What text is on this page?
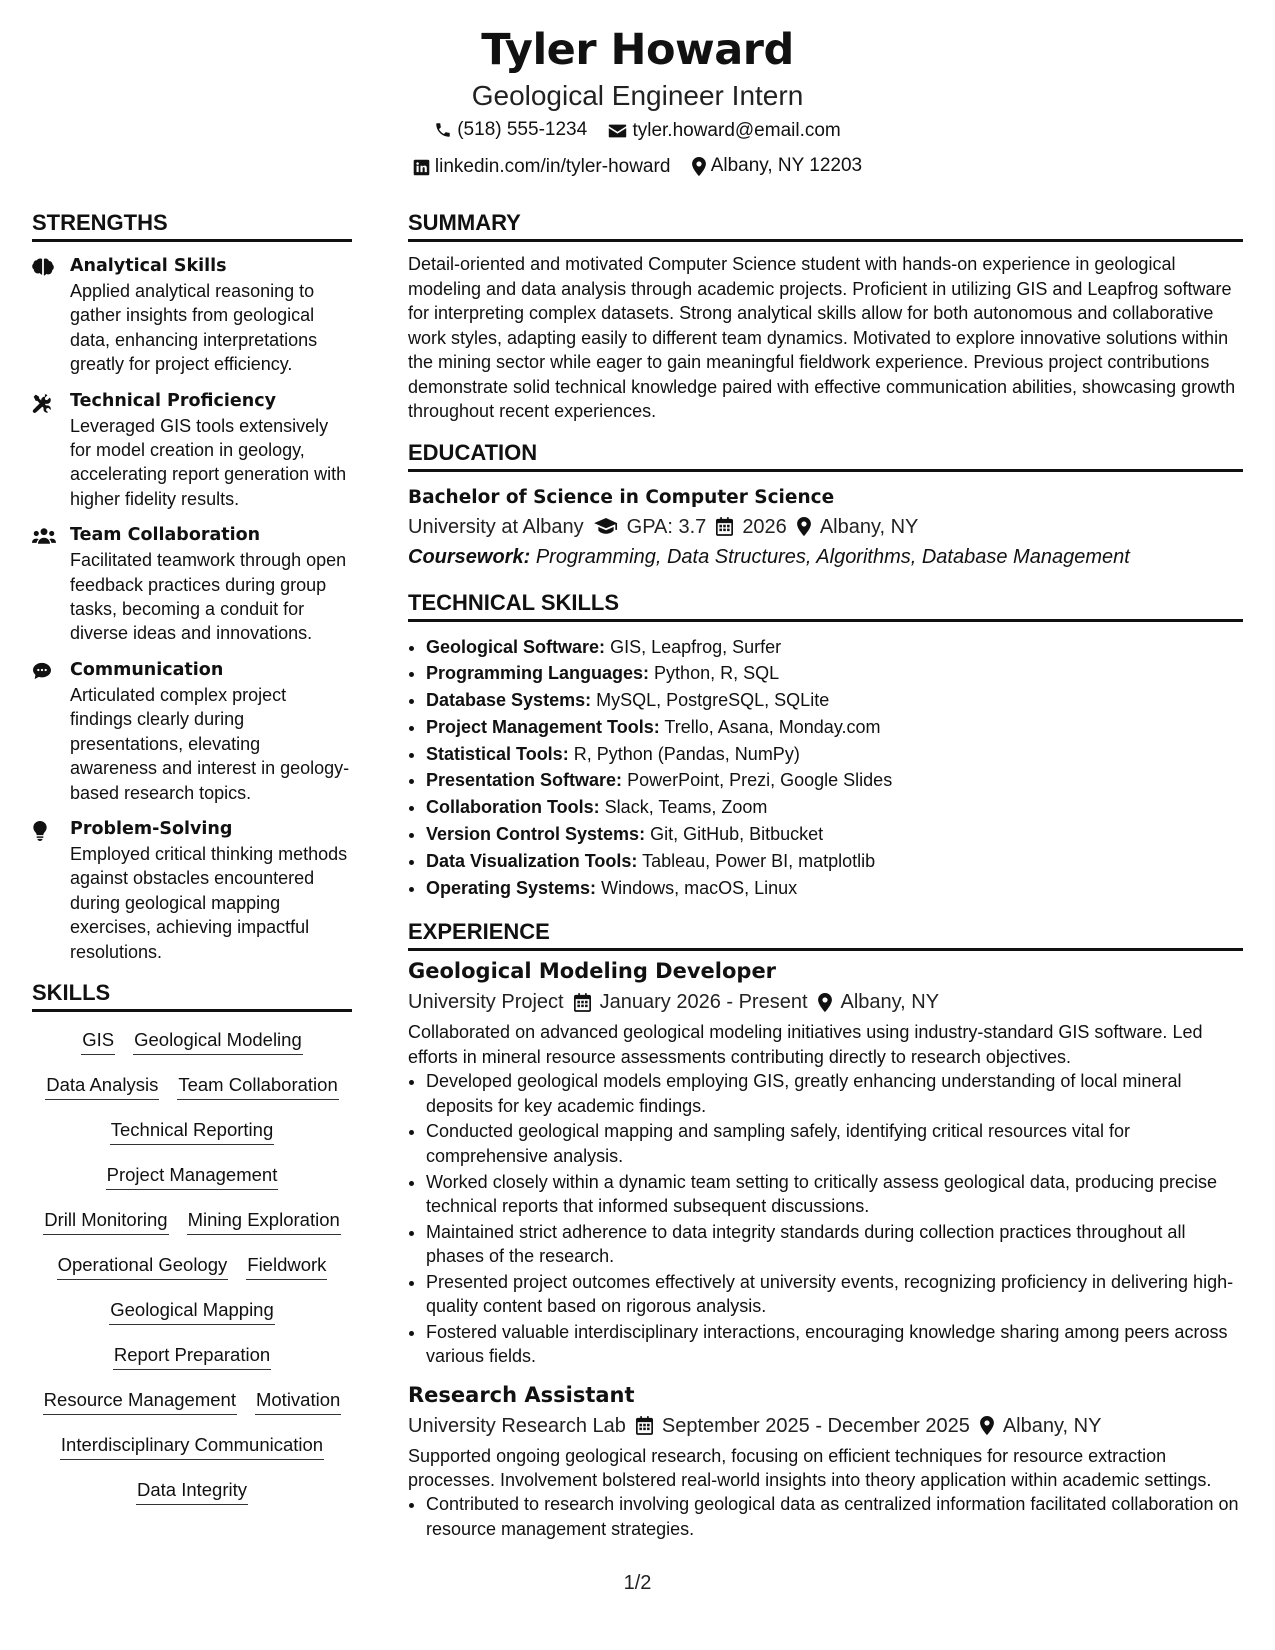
Tyler Howard
Geological Engineer Intern
(518) 555-1234
tyler.howard@email.com
linkedin.com/in/tyler-howard
Albany, NY 12203
STRENGTHS
Analytical Skills
Applied analytical reasoning to gather insights from geological data, enhancing interpretations greatly for project efficiency.
Technical Proficiency
Leveraged GIS tools extensively for model creation in geology, accelerating report generation with higher fidelity results.
Team Collaboration
Facilitated teamwork through open feedback practices during group tasks, becoming a conduit for diverse ideas and innovations.
Communication
Articulated complex project findings clearly during presentations, elevating awareness and interest in geology-based research topics.
Problem-Solving
Employed critical thinking methods against obstacles encountered during geological mapping exercises, achieving impactful resolutions.
SKILLS
GIS Geological Modeling
Data Analysis Team Collaboration
Technical Reporting
Project Management
Drill Monitoring Mining Exploration
Operational Geology Fieldwork
Geological Mapping
Report Preparation
Resource Management Motivation
Interdisciplinary Communication
Data Integrity
SUMMARY
Detail-oriented and motivated Computer Science student with hands-on experience in geological modeling and data analysis through academic projects. Proficient in utilizing GIS and Leapfrog software for interpreting complex datasets. Strong analytical skills allow for both autonomous and collaborative work styles, adapting easily to different team dynamics. Motivated to explore innovative solutions within the mining sector while eager to gain meaningful fieldwork experience. Previous project contributions demonstrate solid technical knowledge paired with effective communication abilities, showcasing growth throughout recent experiences.
EDUCATION
Bachelor of Science in Computer Science
University at Albany GPA: 3.7 2026 Albany, NY
Coursework: Programming, Data Structures, Algorithms, Database Management
TECHNICAL SKILLS
• Geological Software: GIS, Leapfrog, Surfer
• Programming Languages: Python, R, SQL
• Database Systems: MySQL, PostgreSQL, SQLite
• Project Management Tools: Trello, Asana, Monday.com
• Statistical Tools: R, Python (Pandas, NumPy)
• Presentation Software: PowerPoint, Prezi, Google Slides
• Collaboration Tools: Slack, Teams, Zoom
• Version Control Systems: Git, GitHub, Bitbucket
• Data Visualization Tools: Tableau, Power BI, matplotlib
• Operating Systems: Windows, macOS, Linux
EXPERIENCE
Geological Modeling Developer
University Project January 2026 - Present Albany, NY
Collaborated on advanced geological modeling initiatives using industry-standard GIS software. Led efforts in mineral resource assessments contributing directly to research objectives.
• Developed geological models employing GIS, greatly enhancing understanding of local mineral deposits for key academic findings.
• Conducted geological mapping and sampling safely, identifying critical resources vital for comprehensive analysis.
• Worked closely within a dynamic team setting to critically assess geological data, producing precise technical reports that informed subsequent discussions.
• Maintained strict adherence to data integrity standards during collection practices throughout all phases of the research.
• Presented project outcomes effectively at university events, recognizing proficiency in delivering high-quality content based on rigorous analysis.
• Fostered valuable interdisciplinary interactions, encouraging knowledge sharing among peers across various fields.
Research Assistant
University Research Lab September 2025 - December 2025 Albany, NY
Supported ongoing geological research, focusing on efficient techniques for resource extraction processes. Involvement bolstered real-world insights into theory application within academic settings.
• Contributed to research involving geological data as centralized information facilitated collaboration on resource management strategies.
1/2
